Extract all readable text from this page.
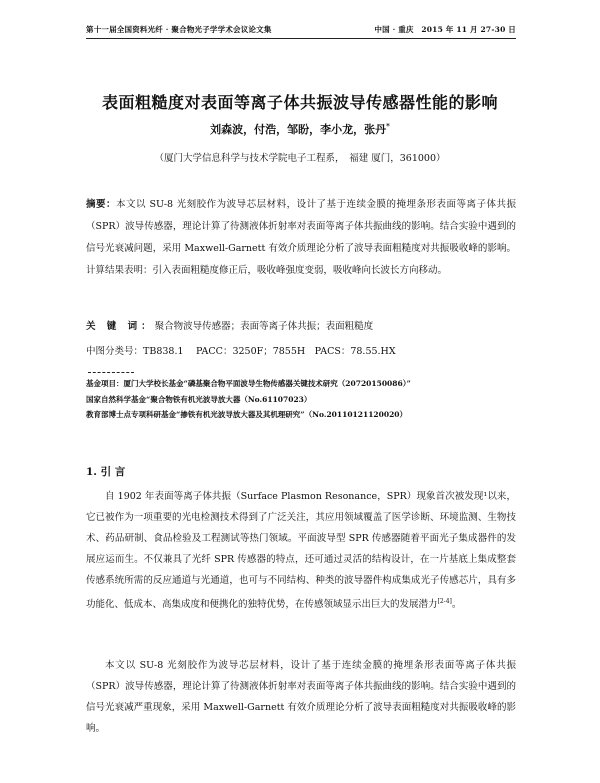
第十一届全国资料光纤 · 聚合物光子学学术会议论文集	中国 · 重庆　2015 年 11 月 27-30 日
表面粗糙度对表面等离子体共振波导传感器性能的影响
刘森波，付浩，邹盼，李小龙，张丹*
（厦门大学信息科学与技术学院电子工程系，　福建 厦门，361000）

摘要：本文以 SU-8 光刻胶作为波导芯层材料，设计了基于连续金膜的掩埋条形表面等离子体共振（SPR）波导传感器，理论计算了待测液体折射率对表面等离子体共振曲线的影响。结合实验中遇到的信号光衰减问题，采用 Maxwell-Garnett 有效介质理论分析了波导表面粗糙度对共振吸收峰的影响。计算结果表明：引入表面粗糙度修正后，吸收峰强度变弱，吸收峰向长波长方向移动。

关 键 词：聚合物波导传感器；表面等离子体共振；表面粗糙度

中图分类号：TB838.1　 PACC：3250F；7855H　PACS：78.55.HX

基金项目：厦门大学校长基金“磷基聚合物平面波导生物传感器关键技术研究（20720150086）”
国家自然科学基金“聚合物铁有机光波导放大器（No.61107023）
教育部博士点专项科研基金“掺铁有机光波导放大器及其机理研究”（No.20110121120020）

1. 引 言

自 1902 年表面等离子体共振（Surface Plasmon Resonance，SPR）现象首次被发现¹以来，它已被作为一项重要的光电检测技术得到了广泛关注，其应用领域覆盖了医学诊断、环境监测、生物技术、药品研制、食品检验及工程测试等热门领域。平面波导型 SPR 传感器随着平面光子集成器件的发展应运而生。不仅兼具了光纤 SPR 传感器的特点，还可通过灵活的结构设计，在一片基底上集成整套传感系统所需的反应通道与光通道，也可与不同结构、种类的波导器件构成集成光子传感芯片，具有多功能化、低成本、高集成度和便携化的独特优势，在传感领域显示出巨大的发展潜力[2-4]。

本文以 SU-8 光刻胶作为波导芯层材料，设计了基于连续金膜的掩埋条形表面等离子体共振（SPR）波导传感器，理论计算了待测液体折射率对表面等离子体共振曲线的影响。结合实验中遇到的信号光衰减严重现象，采用 Maxwell-Garnett 有效介质理论分析了波导表面粗糙度对共振吸收峰的影响。
